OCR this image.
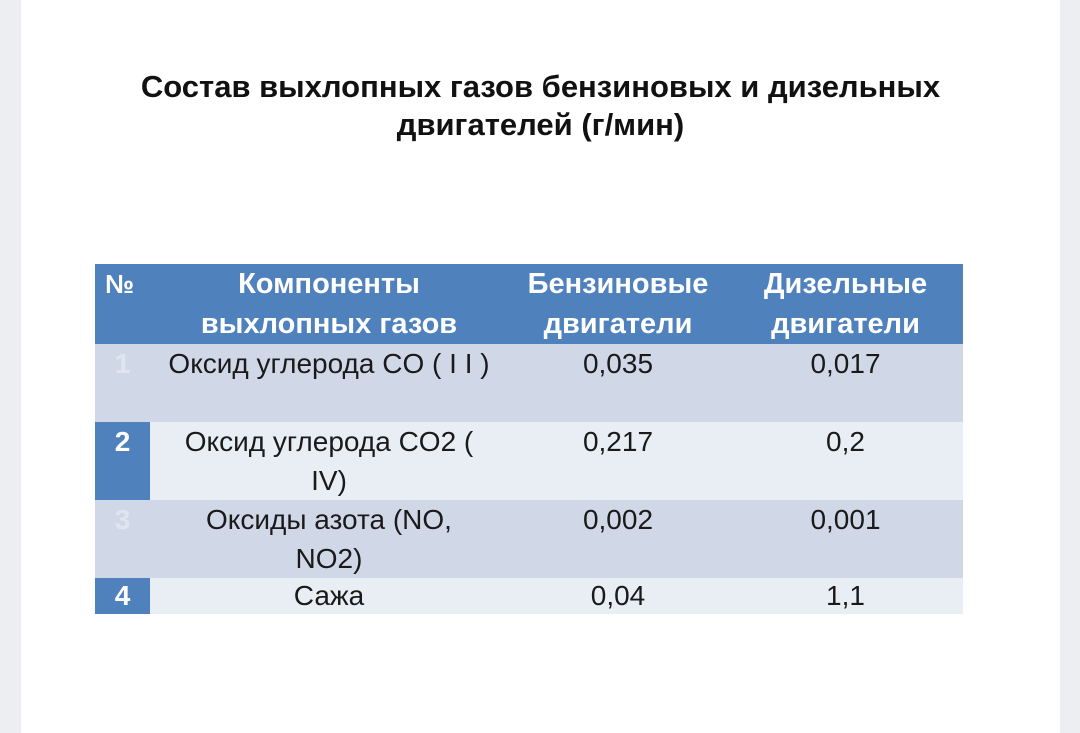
Состав выхлопных газов бензиновых и дизельных
двигателей (г/мин)
№	Компоненты выхлопных газов	Бензиновые двигатели	Дизельные двигатели

1	Оксид углерода CO ( I I )	0,035	0,017
2	Оксид углерода CO2 ( IV)	0,217	0,2
3	Оксиды азота (NO, NO2)	0,002	0,001
4	Сажа	0,04	1,1
